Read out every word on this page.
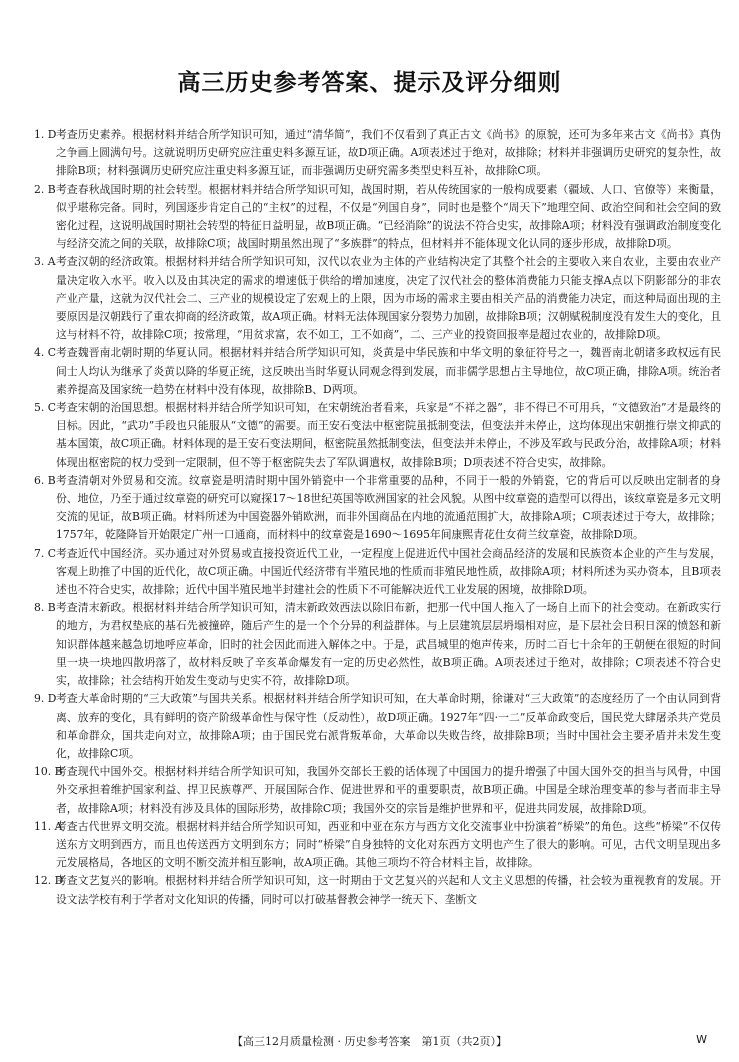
高三历史参考答案、提示及评分细则
1. D 考查历史素养。根据材料并结合所学知识可知，通过“清华简”，我们不仅看到了真正古文《尚书》的原貌，还可为多年来古文《尚书》真伪之争画上圆满句号。这就说明历史研究应注重史料多源互证，故D项正确。A项表述过于绝对，故排除；材料并非强调历史研究的复杂性，故排除B项；材料强调历史研究应注重史料多源互证，而非强调历史研究需多类型史料互补，故排除C项。
2. B 考查春秋战国时期的社会转型。根据材料并结合所学知识可知，战国时期，若从传统国家的一般构成要素（疆域、人口、官僚等）来衡量，似乎堪称完备。同时，列国逐步肯定自己的“主权”的过程，不仅是“列国自身”，同时也是整个“周天下”地理空间、政治空间和社会空间的致密化过程，这说明战国时期社会转型的特征日益明显，故B项正确。“已经消除”的说法不符合史实，故排除A项；材料没有强调政治制度变化与经济交流之间的关联，故排除C项；战国时期虽然出现了“多族群”的特点，但材料并不能体现文化认同的逐步形成，故排除D项。
3. A 考查汉朝的经济政策。根据材料并结合所学知识可知，汉代以农业为主体的产业结构决定了其整个社会的主要收入来自农业，主要由农业产量决定收入水平。收入以及由其决定的需求的增速低于供给的增加速度，决定了汉代社会的整体消费能力只能支撑A点以下阴影部分的非农产业产量，这就为汉代社会二、三产业的规模设定了宏观上的上限，因为市场的需求主要由相关产品的消费能力决定，而这种局面出现的主要原因是汉朝践行了重农抑商的经济政策，故A项正确。材料无法体现国家分裂势力加剧，故排除B项；汉朝赋税制度没有发生大的变化，且这与材料不符，故排除C项；按常理，“用贫求富，农不如工，工不如商”，二、三产业的投资回报率是超过农业的，故排除D项。
4. C 考查魏晋南北朝时期的华夏认同。根据材料并结合所学知识可知，炎黄是中华民族和中华文明的象征符号之一，魏晋南北朝诸多政权远有民间士人均认为继承了炎黄以降的华夏正统，这反映出当时华夏认同观念得到发展，而非儒学思想占主导地位，故C项正确，排除A项。统治者素养提高及国家统一趋势在材料中没有体现，故排除B、D两项。
5. C 考查宋朝的治国思想。根据材料并结合所学知识可知，在宋朝统治者看来，兵家是“不祥之器”，非不得已不可用兵，“文德致治”才是最终的目标。因此，“武功”手段也只能服从“文德”的需要。而王安石变法中枢密院虽抵制变法，但变法并未停止，这均体现出宋朝推行崇文抑武的基本国策，故C项正确。材料体现的是王安石变法期间，枢密院虽然抵制变法，但变法并未停止，不涉及军政与民政分治，故排除A项；材料体现出枢密院的权力受到一定限制，但不等于枢密院失去了军队调遣权，故排除B项；D项表述不符合史实，故排除。
6. B 考查清朝对外贸易和交流。纹章瓷是明清时期中国外销瓷中一个非常重要的品种，不同于一般的外销瓷，它的背后可以反映出定制者的身份、地位，乃至于通过纹章瓷的研究可以窥探17～18世纪英国等欧洲国家的社会风貌。从图中纹章瓷的造型可以得出，该纹章瓷是多元文明交流的见证，故B项正确。材料所述为中国瓷器外销欧洲，而非外国商品在内地的流通范围扩大，故排除A项；C项表述过于夸大，故排除；1757年，乾隆降旨开始限定广州一口通商，而材料中的纹章瓷是1690～1695年间康熙青花仕女荷兰纹章瓷，故排除D项。
7. C 考查近代中国经济。买办通过对外贸易或直接投资近代工业，一定程度上促进近代中国社会商品经济的发展和民族资本企业的产生与发展，客观上助推了中国的近代化，故C项正确。中国近代经济带有半殖民地的性质而非殖民地性质，故排除A项；材料所述为买办资本，且B项表述也不符合史实，故排除；近代中国半殖民地半封建社会的性质下不可能解决近代工业发展的困境，故排除D项。
8. B 考查清末新政。根据材料并结合所学知识可知，清末新政效西法以除旧布新，把那一代中国人拖入了一场自上而下的社会变动。在新政实行的地方，为君权垫底的基石先被撞碎，随后产生的是一个个分异的利益群体。与上层建筑层层坍塌相对应，是下层社会日积日深的愤怒和新知识群体越来越急切地呼应革命，旧时的社会因此而进入解体之中。于是，武昌城里的炮声传来，历时二百七十余年的王朝便在很短的时间里一块一块地四散坍落了，故材料反映了辛亥革命爆发有一定的历史必然性，故B项正确。A项表述过于绝对，故排除；C项表述不符合史实，故排除；社会结构开始发生变动与史实不符，故排除D项。
9. D 考查大革命时期的“三大政策”与国共关系。根据材料并结合所学知识可知，在大革命时期，徐谦对“三大政策”的态度经历了一个由认同到背离、放弃的变化，具有鲜明的资产阶级革命性与保守性（反动性），故D项正确。1927年“四·一二”反革命政变后，国民党大肆屠杀共产党员和革命群众，国共走向对立，故排除A项；由于国民党右派背叛革命，大革命以失败告终，故排除B项；当时中国社会主要矛盾并未发生变化，故排除C项。
10. B
考查现代中国外交。根据材料并结合所学知识可知，我国外交部长王毅的话体现了中国国力的提升增强了中国大国外交的担当与风骨，中国外交承担着维护国家利益、捍卫民族尊严、开展国际合作、促进世界和平的重要职责，故B项正确。中国是全球治理变革的参与者而非主导者，故排除A项；材料没有涉及具体的国际形势，故排除C项；我国外交的宗旨是维护世界和平，促进共同发展，故排除D项。
11. A
考查古代世界文明交流。根据材料并结合所学知识可知，西亚和中亚在东方与西方文化交流事业中扮演着“桥梁”的角色。这些“桥梁”不仅传送东方文明到西方，而且也传送西方文明到东方；同时“桥梁”自身独特的文化对东西方文明也产生了很大的影响。可见，古代文明呈现出多元发展格局，各地区的文明不断交流并相互影响，故A项正确。其他三项均不符合材料主旨，故排除。
12. D
考查文艺复兴的影响。根据材料并结合所学知识可知，这一时期由于文艺复兴的兴起和人文主义思想的传播，社会较为重视教育的发展。开设文法学校有利于学者对文化知识的传播，同时可以打破基督教会神学一统天下、垄断文
【高三12月质量检测 · 历史参考答案　第1页（共2页）】	W
